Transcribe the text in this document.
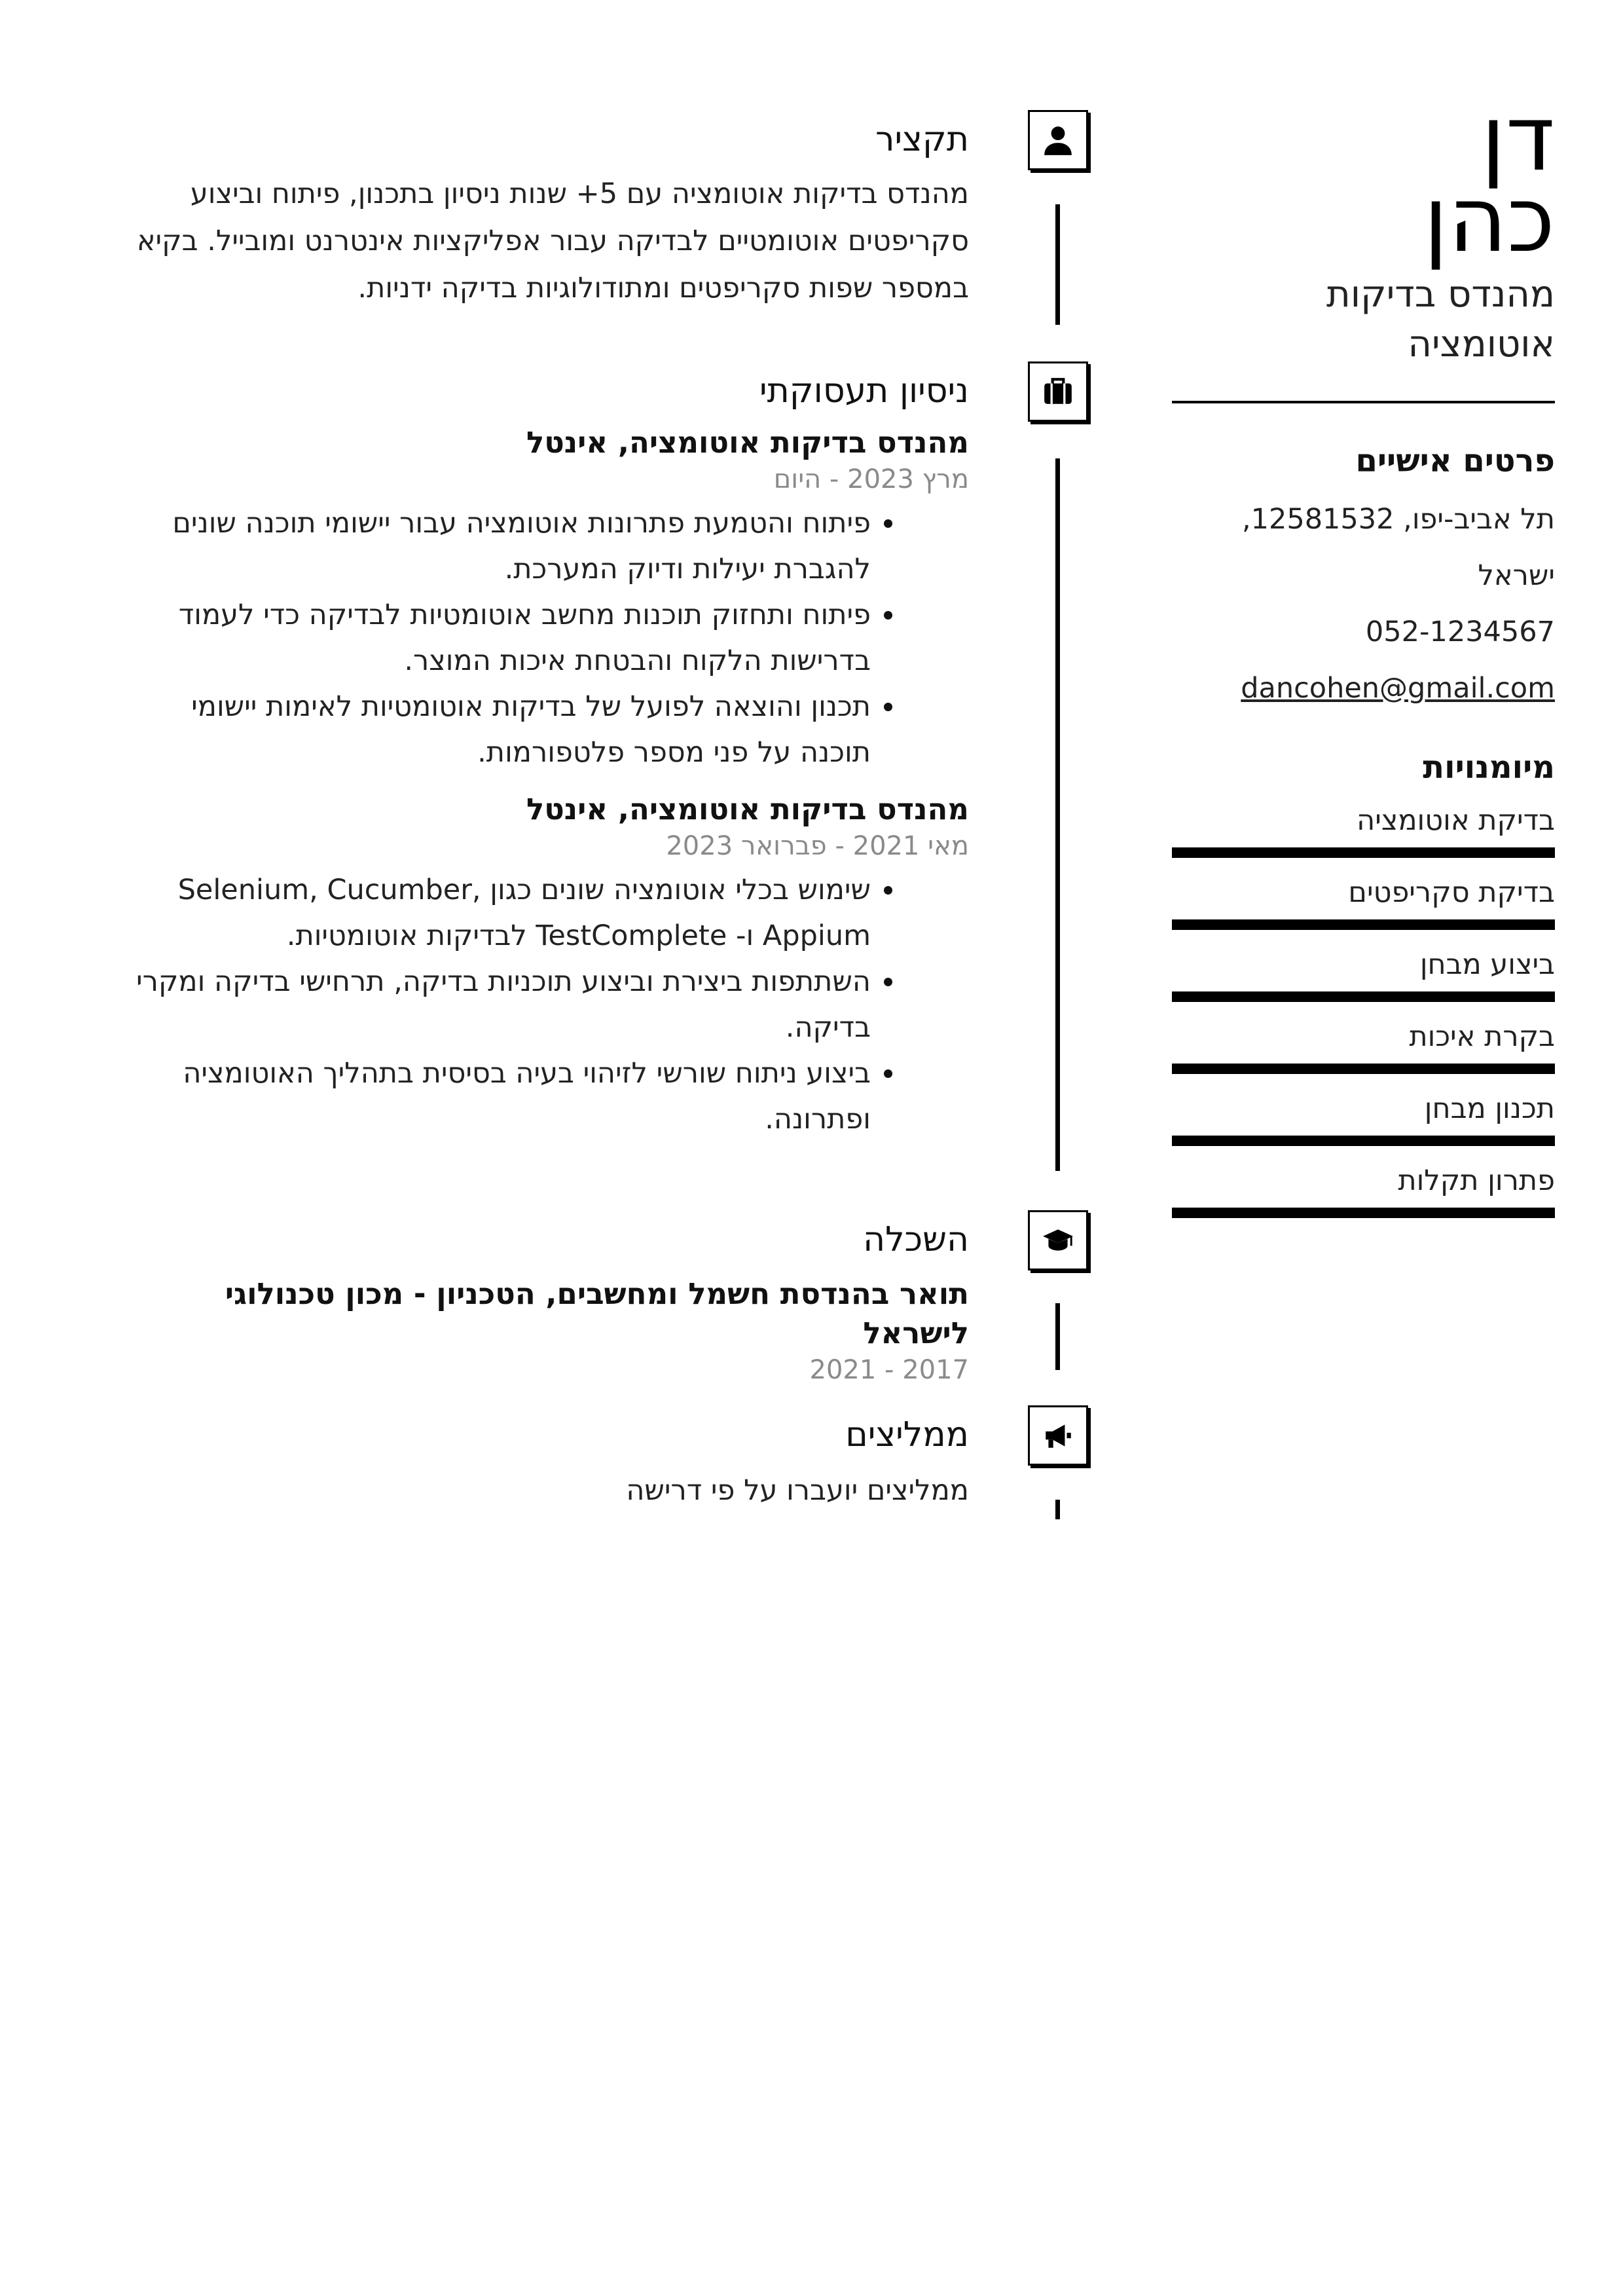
דן
כהן
מהנדס בדיקות אוטומציה
פרטים אישיים
תל אביב-יפו, 12581532, ישראל
052-1234567
dancohen@gmail.com
מיומנויות
בדיקת אוטומציה
בדיקת סקריפטים
ביצוע מבחן
בקרת איכות
תכנון מבחן
פתרון תקלות
תקציר
מהנדס בדיקות אוטומציה עם 5+ שנות ניסיון בתכנון, פיתוח וביצוע סקריפטים אוטומטיים לבדיקה עבור אפליקציות אינטרנט ומובייל. בקיא במספר שפות סקריפטים ומתודולוגיות בדיקה ידניות.
ניסיון תעסוקתי
מהנדס בדיקות אוטומציה, אינטל
מרץ 2023 - היום
• פיתוח והטמעת פתרונות אוטומציה עבור יישומי תוכנה שונים להגברת יעילות ודיוק המערכת.
• פיתוח ותחזוק תוכנות מחשב אוטומטיות לבדיקה כדי לעמוד בדרישות הלקוח והבטחת איכות המוצר.
• תכנון והוצאה לפועל של בדיקות אוטומטיות לאימות יישומי תוכנה על פני מספר פלטפורמות.
מהנדס בדיקות אוטומציה, אינטל
מאי 2021 - פברואר 2023
• שימוש בכלי אוטומציה שונים כגון Selenium, Cucumber, Appium ו- TestComplete לבדיקות אוטומטיות.
• השתתפות ביצירת וביצוע תוכניות בדיקה, תרחישי בדיקה ומקרי בדיקה.
• ביצוע ניתוח שורשי לזיהוי בעיה בסיסית בתהליך האוטומציה ופתרונה.
השכלה
תואר בהנדסת חשמל ומחשבים, הטכניון - מכון טכנולוגי לישראל
2017 - 2021
ממליצים
ממליצים יועברו על פי דרישה
